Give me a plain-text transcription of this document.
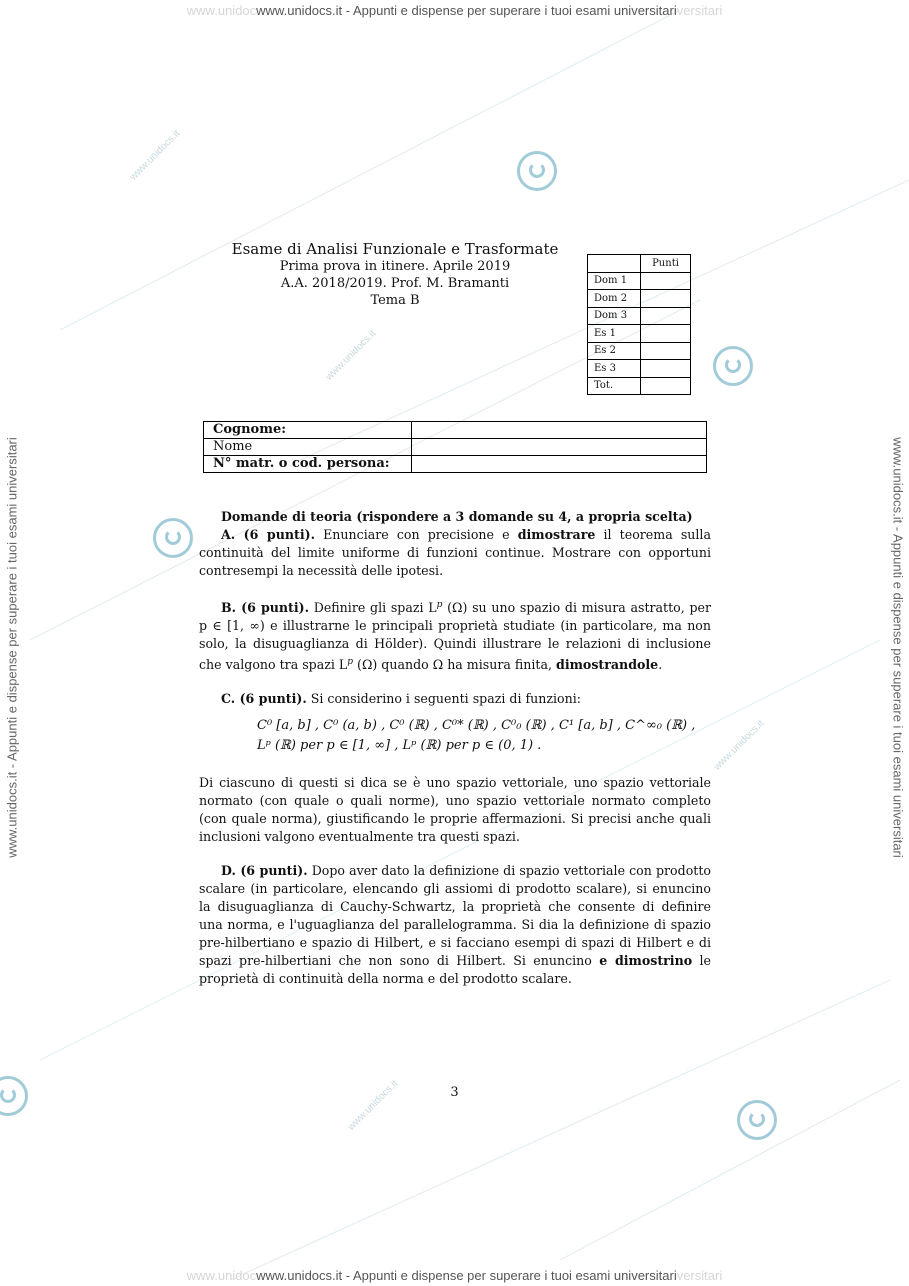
www.unidocwww.unidocs.it - Appunti e dispense per superare i tuoi esami universitariversitari
www.unidocwww.unidocs.it - Appunti e dispense per superare i tuoi esami universitariversitari
www.unidocs.it - Appunti e dispense per superare i tuoi esami universitari	www.unidocs.it - Appunti e dispense per superare i tuoi esami universitari
www.unidocs.it
www.unidocs.it
www.unidocs.it
www.unidocs.it
Esame di Analisi Funzionale e Trasformate
Prima prova in itinere. Aprile 2019
A.A. 2018/2019. Prof. M. Bramanti
Tema B
	Punti
Dom 1	
Dom 2	
Dom 3	
Es 1	
Es 2	
Es 3	
Tot.	
Cognome:	
Nome	
N° matr. o cod. persona:	

Domande di teoria (rispondere a 3 domande su 4, a propria scelta)

A. (6 punti). Enunciare con precisione e dimostrare il teorema sulla continuità del limite uniforme di funzioni continue. Mostrare con opportuni contresempi la necessità delle ipotesi.

B. (6 punti). Definire gli spazi $L^p$ (Ω) su uno spazio di misura astratto, per p ∈ [1, ∞) e illustrarne le principali proprietà studiate (in particolare, ma non solo, la disuguaglianza di Hölder). Quindi illustrare le relazioni di inclusione che valgono tra spazi $L^p$ (Ω) quando Ω ha misura finita, dimostrandole.

C. (6 punti). Si considerino i seguenti spazi di funzioni:

C⁰ [a, b] , C⁰ (a, b) , C⁰ (ℝ) , C⁰* (ℝ) , C⁰₀ (ℝ) , C¹ [a, b] , C^∞₀ (ℝ) ,
Lᵖ (ℝ) per p ∈ [1, ∞] , Lᵖ (ℝ) per p ∈ (0, 1) .

Di ciascuno di questi si dica se è uno spazio vettoriale, uno spazio vettoriale normato (con quale o quali norme), uno spazio vettoriale normato completo (con quale norma), giustificando le proprie affermazioni. Si precisi anche quali inclusioni valgono eventualmente tra questi spazi.

D. (6 punti). Dopo aver dato la definizione di spazio vettoriale con prodotto scalare (in particolare, elencando gli assiomi di prodotto scalare), si enuncino la disuguaglianza di Cauchy-Schwartz, la proprietà che consente di definire una norma, e l'uguaglianza del parallelogramma. Si dia la definizione di spazio pre-hilbertiano e spazio di Hilbert, e si facciano esempi di spazi di Hilbert e di spazi pre-hilbertiani che non sono di Hilbert. Si enuncino e dimostrino le proprietà di continuità della norma e del prodotto scalare.

3
